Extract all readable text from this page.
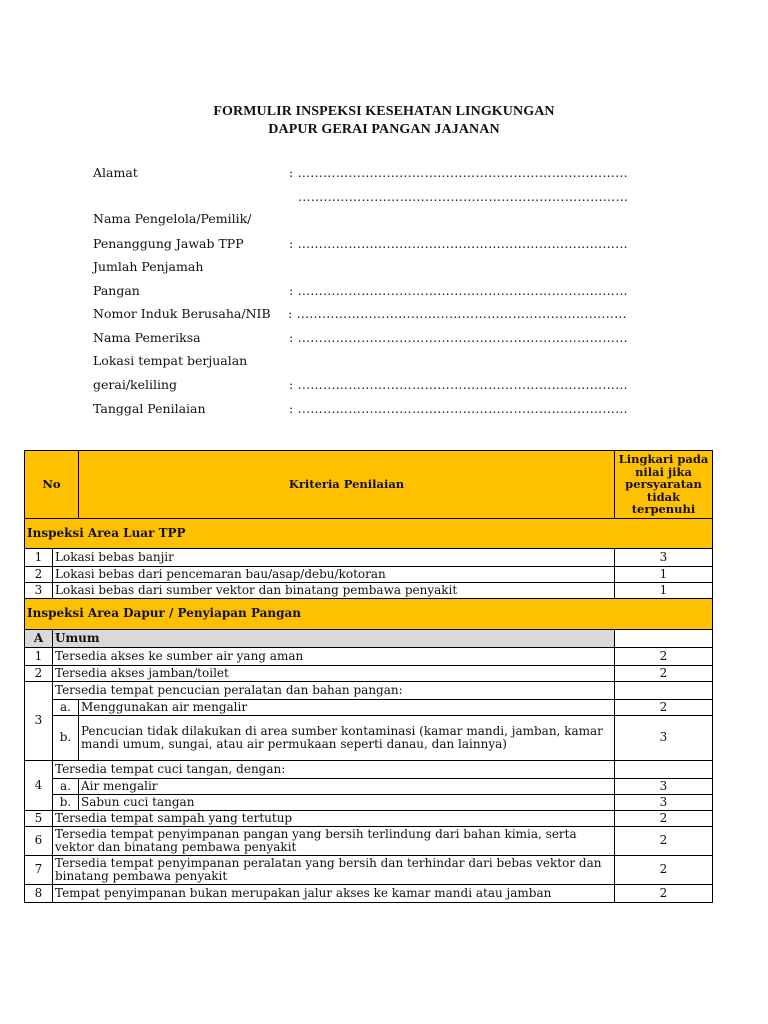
FORMULIR INSPEKSI KESEHATAN LINGKUNGAN
DAPUR GERAI PANGAN JAJANAN
Alamat	: ……………………………………………………………………
……………………………………………………………………
Nama Pengelola/Pemilik/
Penanggung Jawab TPP	: ……………………………………………………………………
Jumlah Penjamah
Pangan	: ……………………………………………………………………
Nomor Induk Berusaha/NIB : ……………………………………………………………………
Nama Pemeriksa	: ……………………………………………………………………
Lokasi tempat berjualan
gerai/keliling	: ……………………………………………………………………
Tanggal Penilaian	: ……………………………………………………………………
No		Kriteria Penilaian	Lingkari pada nilai jika persyaratan tidak terpenuhi
Inspeksi Area Luar TPP			
1	Lokasi bebas banjir		3
2	Lokasi bebas dari pencemaran bau/asap/debu/kotoran		1
3	Lokasi bebas dari sumber vektor dan binatang pembawa penyakit		1
Inspeksi Area Dapur / Penyiapan Pangan			
A	Umum		
1	Tersedia akses ke sumber air yang aman		2
2	Tersedia akses jamban/toilet		2
3	Tersedia tempat pencucian peralatan dan bahan pangan:		
	a.	Menggunakan air mengalir	2
	b.	Pencucian tidak dilakukan di area sumber kontaminasi (kamar mandi, jamban, kamar mandi umum, sungai, atau air permukaan seperti danau, dan lainnya)	3
4	Tersedia tempat cuci tangan, dengan:		
	a.	Air mengalir	3
	b.	Sabun cuci tangan	3
5	Tersedia tempat sampah yang tertutup		2
6	Tersedia tempat penyimpanan pangan yang bersih terlindung dari bahan kimia, serta vektor dan binatang pembawa penyakit		2
7	Tersedia tempat penyimpanan peralatan yang bersih dan terhindar dari bebas vektor dan binatang pembawa penyakit		2
8	Tempat penyimpanan bukan merupakan jalur akses ke kamar mandi atau jamban		2
